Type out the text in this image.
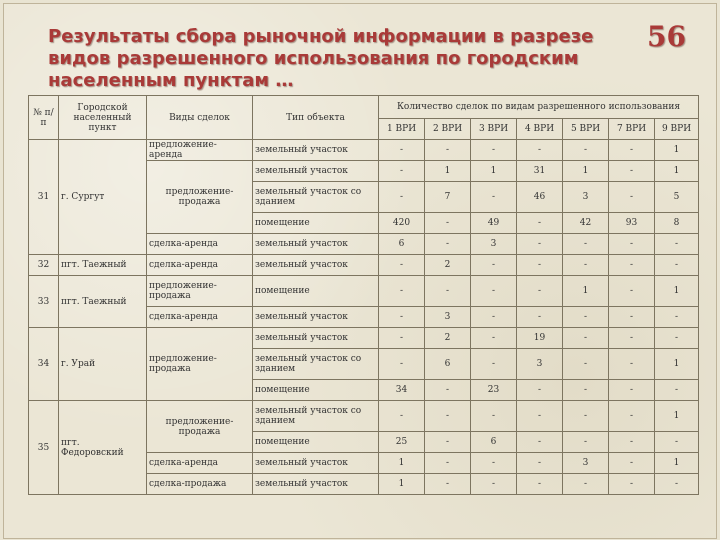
Результаты сбора рыночной информации в разрезе
видов разрешенного использования по городским
населенным пунктам …
56
№ п/п	Городской населенный пункт	Виды сделок	Тип объекта	Количество сделок по видам разрешенного использования						
				1 ВРИ	2 ВРИ	3 ВРИ	4 ВРИ	5 ВРИ	7 ВРИ	9 ВРИ
31	г. Сургут	предложение-аренда	земельный участок	-	-	-	-	-	-	1
		предложение-продажа	земельный участок	-	1	1	31	1	-	1
			земельный участок со зданием	-	7	-	46	3	-	5
			помещение	420	-	49	-	42	93	8
		сделка-аренда	земельный участок	6	-	3	-	-	-	-
32	пгт. Таежный	сделка-аренда	земельный участок	-	2	-	-	-	-	-
33	пгт. Таежный	предложение-продажа	помещение	-	-	-	-	1	-	1
		сделка-аренда	земельный участок	-	3	-	-	-	-	-
34	г. Урай	предложение-продажа	земельный участок	-	2	-	19	-	-	-
			земельный участок со зданием	-	6	-	3	-	-	1
			помещение	34	-	23	-	-	-	-
35	пгт. Федоровский	предложение-продажа	земельный участок со зданием	-	-	-	-	-	-	1
			помещение	25	-	6	-	-	-	-
		сделка-аренда	земельный участок	1	-	-	-	3	-	1
		сделка-продажа	земельный участок	1	-	-	-	-	-	-
